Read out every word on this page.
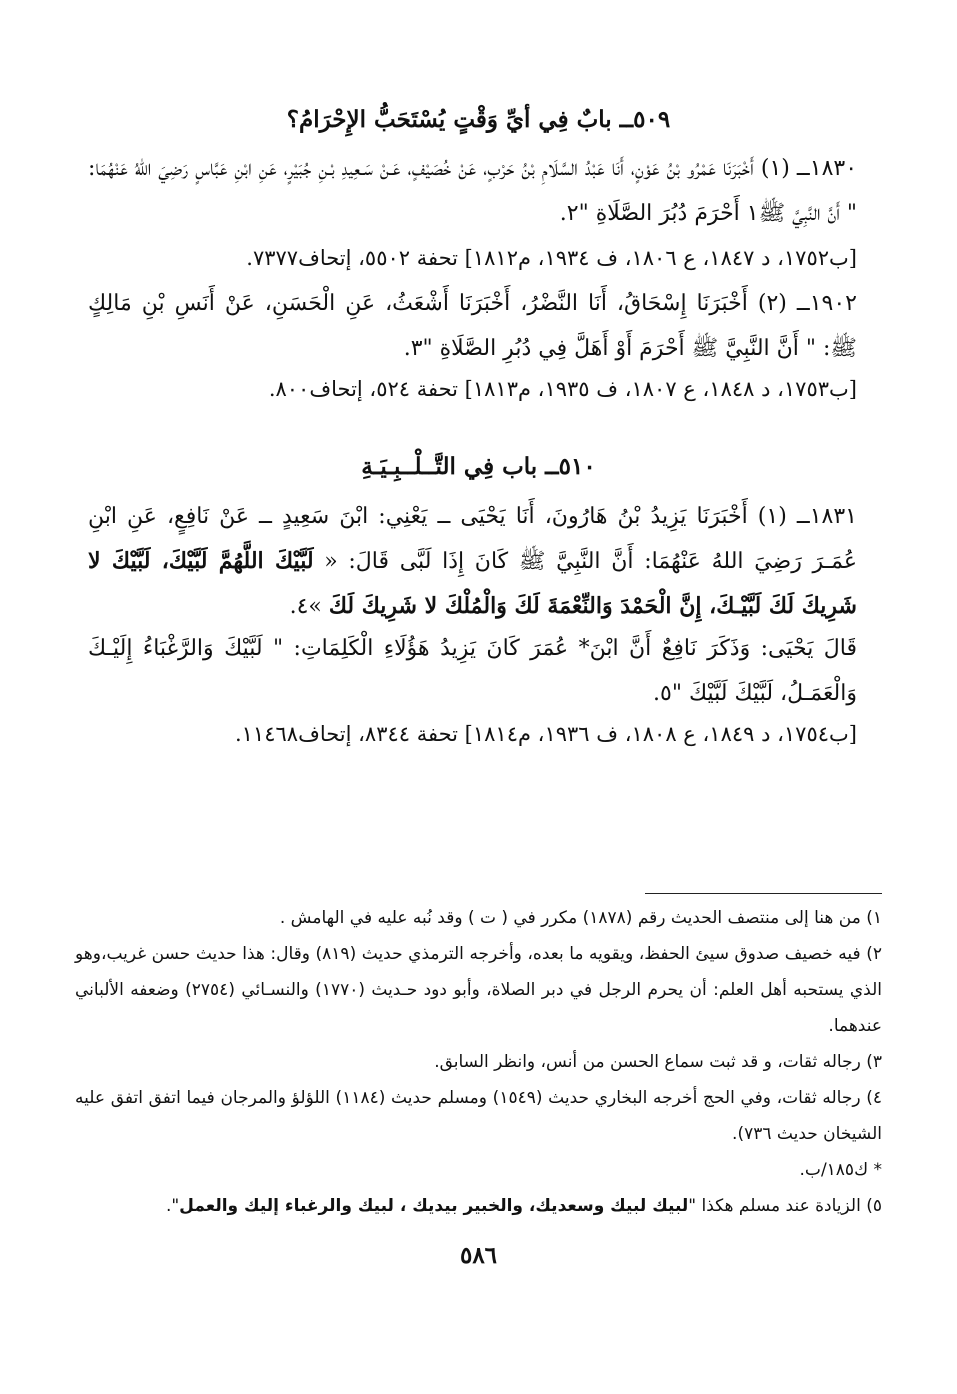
٥٠٩ــ بابٌ فِي أيِّ وَقْتٍ يُسْتَحَبُّ الإِحْرَامُ؟
١٨٣٠ــ (١) أَخْبَرَنَا عَمْرُو بْنُ عَوْنٍ، أَنَا عَبْدُ السَّلَامِ بْنُ حَرْبٍ، عَنْ خُصَيْفٍ، عَـنْ سَـعِيدِ بْـنِ جُبَيْرٍ، عَنِ ابْنِ عَبَّاسٍ رَضِيَ اللهُ عَنْهُمَا: " أَنَّ النَّبِيَّ ﷺ١ أَحْرَمَ دُبُرَ الصَّلَاةِ "٢.
[ب١٧٥٢، د ١٨٤٧، ع ١٨٠٦، ف ١٩٣٤، م١٨١٢] تحفة ٥٥٠٢، إتحاف٧٣٧٧.
١٩٠٢ــ (٢) أَخْبَرَنَا إِسْحَاقُ، أَنَا النَّضْرُ، أَخْبَرَنَا أَشْعَثُ، عَنِ الْحَسَنِ، عَنْ أَنَسِ بْنِ مَالِكٍ ﷺ: " أَنَّ النَّبِيَّ ﷺ أَحْرَمَ أَوْ أَهَلَّ فِي دُبُرِ الصَّلَاةِ "٣.
[ب١٧٥٣، د ١٨٤٨، ع ١٨٠٧، ف ١٩٣٥، م١٨١٣] تحفة ٥٢٤، إتحاف٨٠٠.
٥١٠ــ باب فِي التَّــلْــبِـيَـةِ
١٨٣١ــ (١) أَخْبَرَنَا يَزِيدُ بْنُ هَارُونَ، أَنَا يَحْيَى ــ يَعْنِي: ابْنَ سَعِيدٍ ــ عَنْ نَافِعٍ، عَنِ ابْنِ عُمَـرَ رَضِيَ اللهُ عَنْهُمَا: أَنَّ النَّبِيَّ ﷺ كَانَ إِذَا لَبَّى قَالَ: « لَبَّيْكَ اللَّهُمَّ لَبَّيْكَ، لَبَّيْكَ لا شَرِيكَ لَكَ لَبَّيْـكَ، إِنَّ الْحَمْدَ وَالنِّعْمَةَ لَكَ وَالْمُلْكَ لا شَرِيكَ لَكَ »٤.
قَالَ يَحْيَى: وَذَكَرَ نَافِعٌ أَنَّ ابْنَ* عُمَرَ كَانَ يَزِيدُ هَؤُلَاءِ الْكَلِمَاتِ: " لَبَّيْكَ وَالرَّغْبَاءُ إِلَيْـكَ وَالْعَمَـلُ، لَبَّيْكَ لَبَّيْكَ "٥.
[ب١٧٥٤، د ١٨٤٩، ع ١٨٠٨، ف ١٩٣٦، م١٨١٤] تحفة ٨٣٤٤، إتحاف١١٤٦٨.

١) من هنا إلى منتصف الحديث رقم (١٨٧٨) مكرر في ( ت ) وقد نُبه عليه في الهامش .

٢) فيه خصيف صدوق سيئ الحفظ، ويقويه ما بعده، وأخرجه الترمذي حديث (٨١٩) وقال: هذا حديث حسن غريب،وهو الذي يستحبه أهل العلم: أن يحرم الرجل في دبر الصلاة، وأبو دود حـديث (١٧٧٠) والنسـائي (٢٧٥٤) وضعفه الألباني عندهما.

٣) رجاله ثقات، و قد ثبت سماع الحسن من أنس، وانظر السابق.

٤) رجاله ثقات، وفي الحج أخرجه البخاري حديث (١٥٤٩) ومسلم حديث (١١٨٤) اللؤلؤ والمرجان فيما اتفق اتفق عليه الشيخان حديث ٧٣٦).

* ك١٨٥/ب.

٥) الزيادة عند مسلم هكذا "لبيك لبيك وسعديك، والخبير بيديك ، لبيك والرغباء إليك والعمل".

٥٨٦
